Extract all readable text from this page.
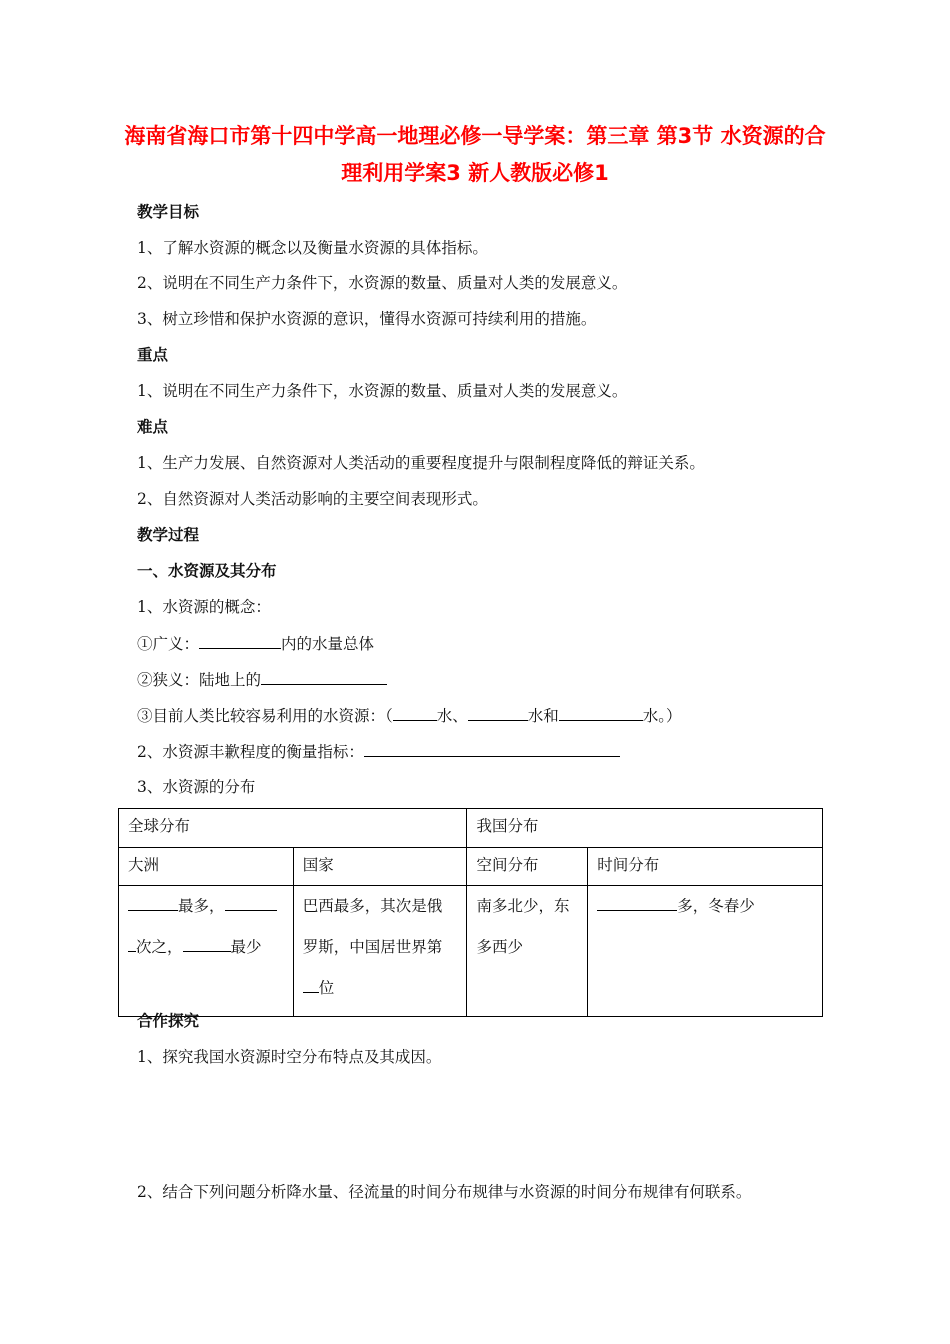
海南省海口市第十四中学高一地理必修一导学案：第三章 第3节 水资源的合理利用学案3 新人教版必修1
教学目标
1、了解水资源的概念以及衡量水资源的具体指标。
2、说明在不同生产力条件下，水资源的数量、质量对人类的发展意义。
3、树立珍惜和保护水资源的意识，懂得水资源可持续利用的措施。
重点
1、说明在不同生产力条件下，水资源的数量、质量对人类的发展意义。
难点
1、生产力发展、自然资源对人类活动的重要程度提升与限制程度降低的辩证关系。
2、自然资源对人类活动影响的主要空间表现形式。
教学过程
一、水资源及其分布
1、水资源的概念：
①广义：	内的水量总体
②狭义：陆地上的
③目前人类比较容易利用的水资源：（	水、	水和	水。）
2、水资源丰歉程度的衡量指标：
3、水资源的分布
全球分布		我国分布	
大洲	国家	空间分布	时间分布
最多，
次之， 最少	巴西最多，其次是俄
罗斯，中国居世界第
位	南多北少，东
多西少	多，冬春少
合作探究
1、探究我国水资源时空分布特点及其成因。
2、结合下列问题分析降水量、径流量的时间分布规律与水资源的时间分布规律有何联系。
